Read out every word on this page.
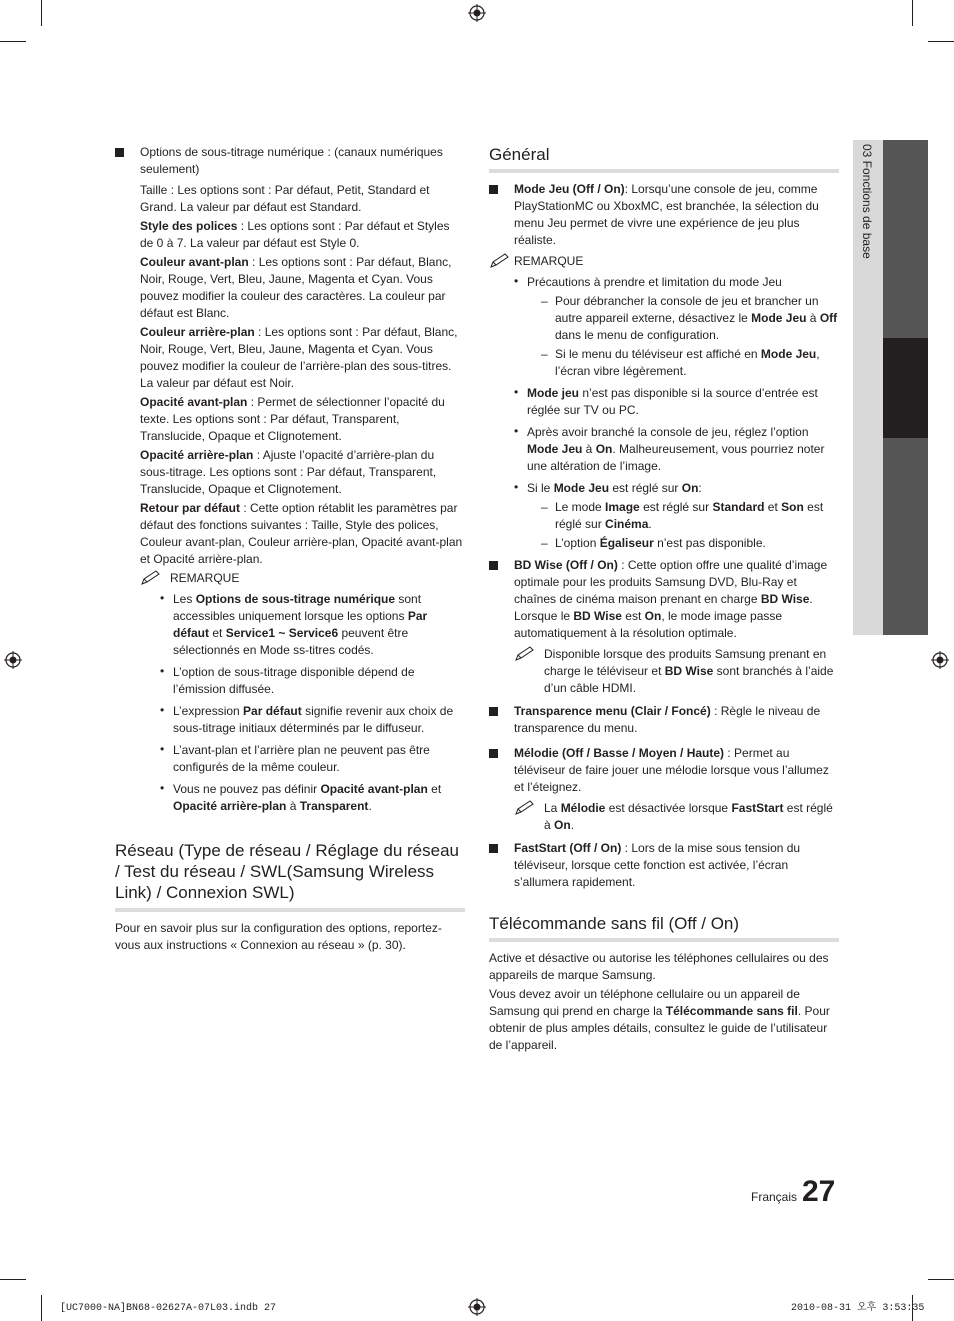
Options de sous-titrage numérique : (canaux numériques seulement)

Taille : Les options sont : Par défaut, Petit, Standard et Grand. La valeur par défaut est Standard.

Style des polices : Les options sont : Par défaut et Styles de 0 à 7. La valeur par défaut est Style 0.

Couleur avant-plan : Les options sont : Par défaut, Blanc, Noir, Rouge, Vert, Bleu, Jaune, Magenta et Cyan. Vous pouvez modifier la couleur des caractères. La couleur par défaut est Blanc.

Couleur arrière-plan : Les options sont : Par défaut, Blanc, Noir, Rouge, Vert, Bleu, Jaune, Magenta et Cyan. Vous pouvez modifier la couleur de l’arrière-plan des sous-titres. La valeur par défaut est Noir.

Opacité avant-plan : Permet de sélectionner l’opacité du texte. Les options sont : Par défaut, Transparent, Translucide, Opaque et Clignotement.

Opacité arrière-plan : Ajuste l’opacité d’arrière-plan du sous-titrage. Les options sont : Par défaut, Transparent, Translucide, Opaque et Clignotement.

Retour par défaut : Cette option rétablit les paramètres par défaut des fonctions suivantes : Taille, Style des polices, Couleur avant-plan, Couleur arrière-plan, Opacité avant-plan et Opacité arrière-plan.

REMARQUE
• Les Options de sous-titrage numérique sont accessibles uniquement lorsque les options Par défaut et Service1 ~ Service6 peuvent être sélectionnés en Mode ss-titres codés.
• L’option de sous-titrage disponible dépend de l’émission diffusée.
• L’expression Par défaut signifie revenir aux choix de sous-titrage initiaux déterminés par le diffuseur.
• L’avant-plan et l’arrière plan ne peuvent pas être configurés de la même couleur.
• Vous ne pouvez pas définir Opacité avant-plan et Opacité arrière-plan à Transparent.
Réseau (Type de réseau / Réglage du réseau / Test du réseau / SWL(Samsung Wireless Link) / Connexion SWL)

Pour en savoir plus sur la configuration des options, reportez-vous aux instructions « Connexion au réseau » (p. 30).

Général
Mode Jeu (Off / On): Lorsqu’une console de jeu, comme PlayStationMC ou XboxMC, est branchée, la sélection du menu Jeu permet de vivre une expérience de jeu plus réaliste.
REMARQUE
• Précautions à prendre et limitation du mode Jeu
– Pour débrancher la console de jeu et brancher un autre appareil externe, désactivez le Mode Jeu à Off dans le menu de configuration.
– Si le menu du téléviseur est affiché en Mode Jeu, l’écran vibre légèrement.
• Mode jeu n’est pas disponible si la source d’entrée est réglée sur TV ou PC.
• Après avoir branché la console de jeu, réglez l’option Mode Jeu à On. Malheureusement, vous pourriez noter une altération de l’image.
• Si le Mode Jeu est réglé sur On:
– Le mode Image est réglé sur Standard et Son est réglé sur Cinéma.
– L’option Égaliseur n’est pas disponible.
BD Wise (Off / On) : Cette option offre une qualité d’image optimale pour les produits Samsung DVD, Blu-Ray et chaînes de cinéma maison prenant en charge BD Wise. Lorsque le BD Wise est On, le mode image passe automatiquement à la résolution optimale.
Disponible lorsque des produits Samsung prenant en charge le téléviseur et BD Wise sont branchés à l’aide d’un câble HDMI.
Transparence menu (Clair / Foncé) : Règle le niveau de transparence du menu.
Mélodie (Off / Basse / Moyen / Haute) : Permet au téléviseur de faire jouer une mélodie lorsque vous l’allumez et l’éteignez.
La Mélodie est désactivée lorsque FastStart est réglé à On.
FastStart (Off / On) : Lors de la mise sous tension du téléviseur, lorsque cette fonction est activée, l’écran s’allumera rapidement.
Télécommande sans fil (Off / On)

Active et désactive ou autorise les téléphones cellulaires ou des appareils de marque Samsung.

Vous devez avoir un téléphone cellulaire ou un appareil de Samsung qui prend en charge la Télécommande sans fil. Pour obtenir de plus amples détails, consultez le guide de l’utilisateur de l’appareil.

03 Fonctions de base
Français 27
[UC7000-NA]BN68-02627A-07L03.indb 27	2010-08-31 오후 3:53:35
